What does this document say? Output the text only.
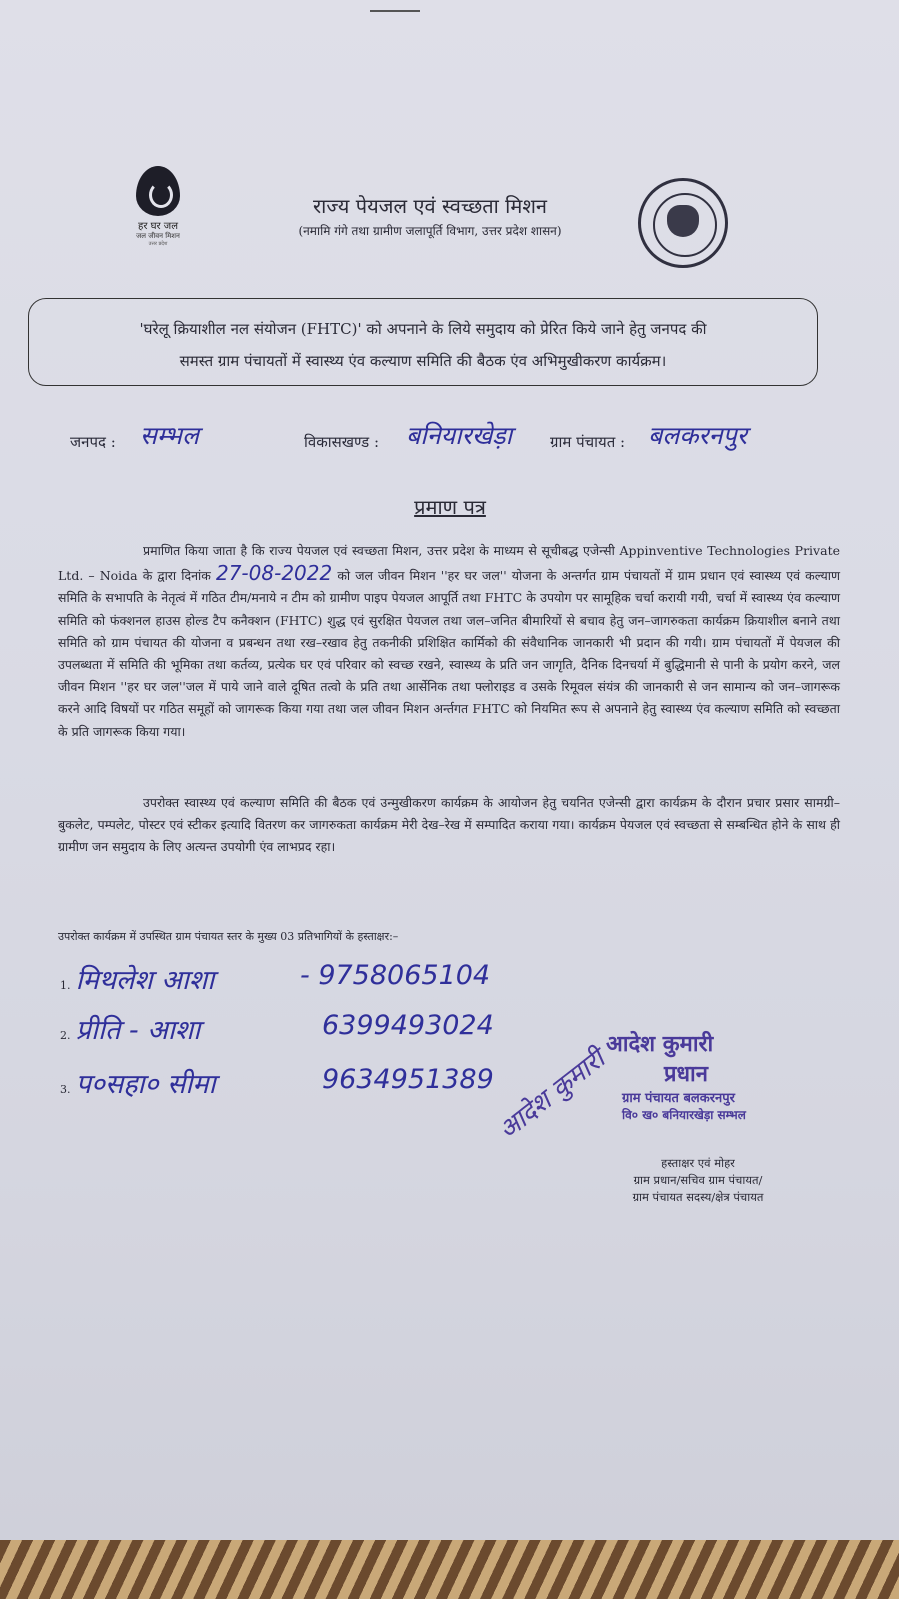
हर घर जल
जल जीवन मिशन
उत्तर प्रदेश
राज्य पेयजल एवं स्वच्छता मिशन
(नमामि गंगे तथा ग्रामीण जलापूर्ति विभाग, उत्तर प्रदेश शासन)
'घरेलू क्रियाशील नल संयोजन (FHTC)' को अपनाने के लिये समुदाय को प्रेरित किये जाने हेतु जनपद की
समस्त ग्राम पंचायतों में स्वास्थ्य एंव कल्याण समिति की बैठक एंव अभिमुखीकरण कार्यक्रम।
जनपद : सम्भल	विकासखण्ड : बनियारखेड़ा	ग्राम पंचायत : बलकरनपुर
प्रमाण पत्र
प्रमाणित किया जाता है कि राज्य पेयजल एवं स्वच्छता मिशन, उत्तर प्रदेश के माध्यम से सूचीबद्ध एजेन्सी Appinventive Technologies Private Ltd. – Noida के द्वारा दिनांक 27-08-2022 को जल जीवन मिशन ''हर घर जल'' योजना के अन्तर्गत ग्राम पंचायतों में ग्राम प्रधान एवं स्वास्थ्य एवं कल्याण समिति के सभापति के नेतृत्वं में गठित टीम/मनाये न टीम को ग्रामीण पाइप पेयजल आपूर्ति तथा FHTC के उपयोग पर सामूहिक चर्चा करायी गयी, चर्चा में स्वास्थ्य एंव कल्याण समिति को फंक्शनल हाउस होल्ड टैप कनैक्शन (FHTC) शुद्ध एवं सुरक्षित पेयजल तथा जल–जनित बीमारियों से बचाव हेतु जन–जागरुकता कार्यक्रम क्रियाशील बनाने तथा समिति को ग्राम पंचायत की योजना व प्रबन्धन तथा रख–रखाव हेतु तकनीकी प्रशिक्षित कार्मिको की संवैधानिक जानकारी भी प्रदान की गयी। ग्राम पंचायतों में पेयजल की उपलब्धता में समिति की भूमिका तथा कर्तव्य, प्रत्येक घर एवं परिवार को स्वच्छ रखने, स्वास्थ्य के प्रति जन जागृति, दैनिक दिनचर्या में बुद्धिमानी से पानी के प्रयोग करने, जल जीवन मिशन ''हर घर जल''जल में पाये जाने वाले दूषित तत्वो के प्रति तथा आर्सेनिक तथा फ्लोराइड व उसके रिमूवल संयंत्र की जानकारी से जन सामान्य को जन–जागरूक करने आदि विषयों पर गठित समूहों को जागरूक किया गया तथा जल जीवन मिशन अर्न्तगत FHTC को नियमित रूप से अपनाने हेतु स्वास्थ्य एंव कल्याण समिति को स्वच्छता के प्रति जागरूक किया गया।
उपरोक्त स्वास्थ्य एवं कल्याण समिति की बैठक एवं उन्मुखीकरण कार्यक्रम के आयोजन हेतु चयनित एजेन्सी द्वारा कार्यक्रम के दौरान प्रचार प्रसार सामग्री–बुकलेट, पम्पलेट, पोस्टर एवं स्टीकर इत्यादि वितरण कर जागरुकता कार्यक्रम मेरी देख–रेख में सम्पादित कराया गया। कार्यक्रम पेयजल एवं स्वच्छता से सम्बन्धित होने के साथ ही ग्रामीण जन समुदाय के लिए अत्यन्त उपयोगी एंव लाभप्रद रहा।
उपरोक्त कार्यक्रम में उपस्थित ग्राम पंचायत स्तर के मुख्य 03 प्रतिभागियों के हस्ताक्षर:–
1. मिथलेश आशा	- 9758065104
2. प्रीति - आशा	6399493024
3. प०सहा० सीमा	9634951389
आदेश कुमारी
प्रधान
ग्राम पंचायत बलकरनपुर
वि० ख० बनियारखेड़ा सम्भल
आदेश कुमारी
हस्ताक्षर एवं मोहर
ग्राम प्रधान/सचिव ग्राम पंचायत/
ग्राम पंचायत सदस्य/क्षेत्र पंचायत
